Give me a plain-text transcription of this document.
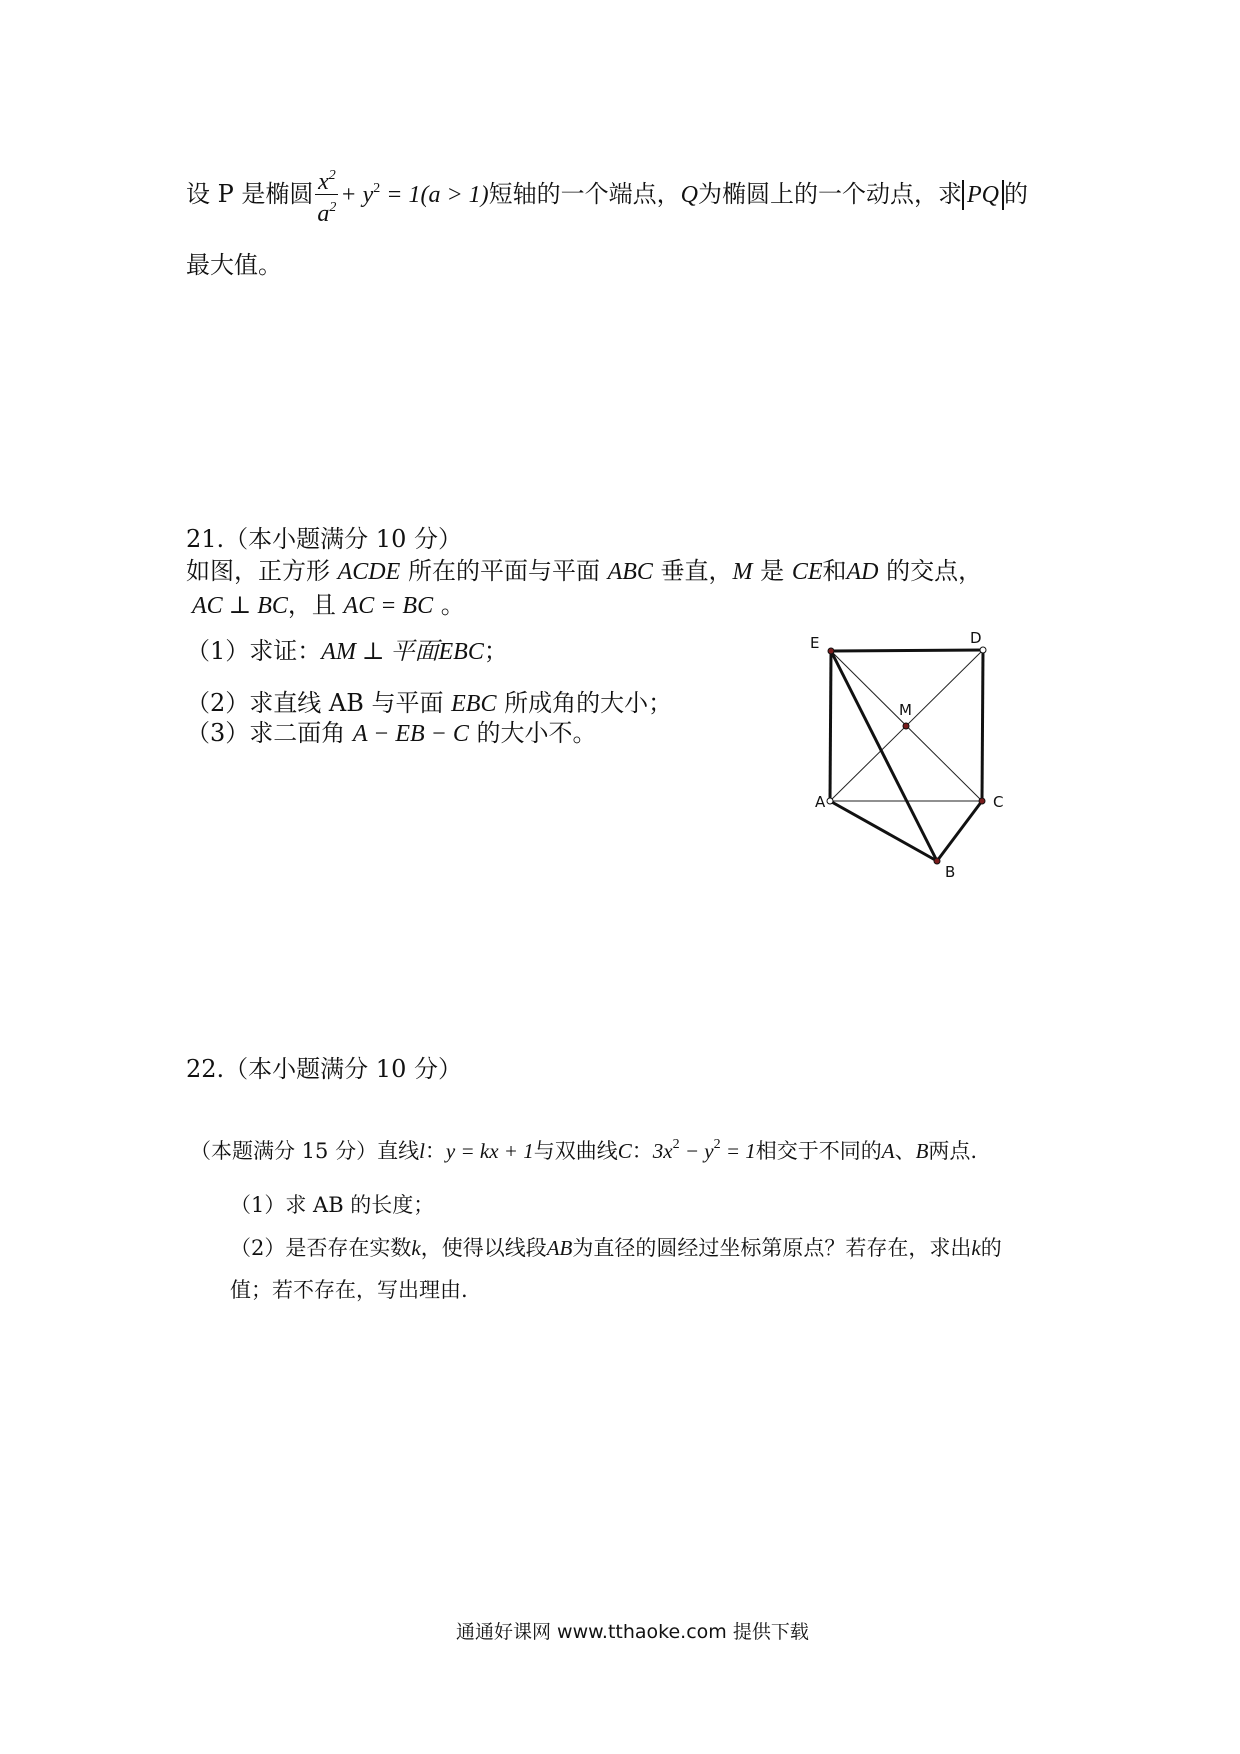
设 P 是椭圆 $\frac{x^2}{a^2} + y^2 = 1(a > 1)$短轴的一个端点，Q为椭圆上的一个动点，求 PQ 的
最大值。
21.（本小题满分 10 分）
如图，正方形 ACDE 所在的平面与平面 ABC 垂直，M 是 CE和AD 的交点，
AC ⊥ BC，且 AC = BC 。
（1）求证：AM ⊥ 平面EBC；
（2）求直线 AB 与平面 EBC 所成角的大小；
（3）求二面角 A − EB − C 的大小不。
E	D
M
A	C
B
22.（本小题满分 10 分）
（本题满分 15 分）直线l：y = kx + 1与双曲线C：$3x^2 - y^2 = 1$相交于不同的A、B两点.
（1）求 AB 的长度；
（2）是否存在实数k，使得以线段AB为直径的圆经过坐标第原点？若存在，求出k的
值；若不存在，写出理由.
通通好课网 www.tthaoke.com 提供下载
